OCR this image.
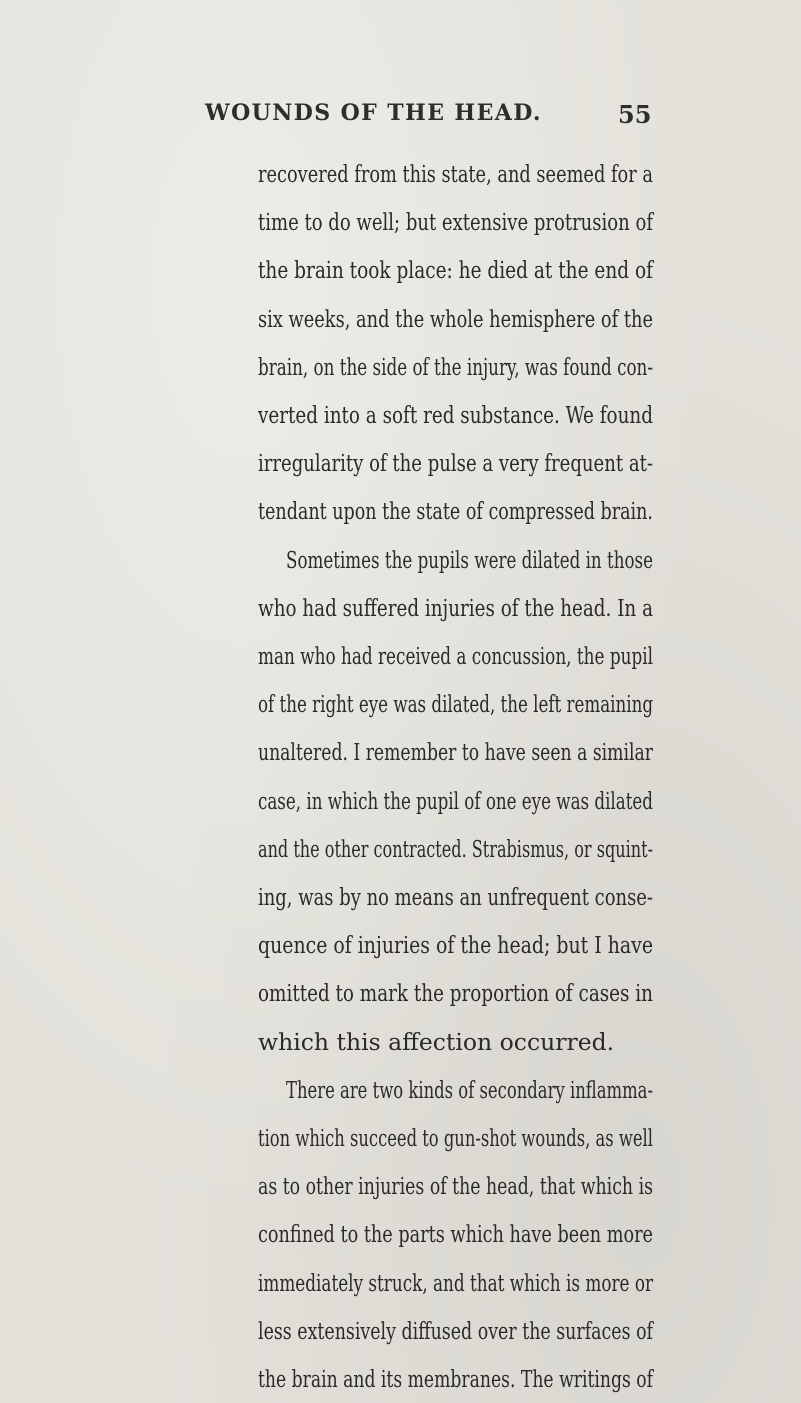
WOUNDS OF THE HEAD.	55
recovered from this state, and seemed for a
time to do well; but extensive protrusion of
the brain took place: he died at the end of
six weeks, and the whole hemisphere of the
brain, on the side of the injury, was found con-
verted into a soft red substance. We found
irregularity of the pulse a very frequent at-
tendant upon the state of compressed brain.
Sometimes the pupils were dilated in those
who had suffered injuries of the head. In a
man who had received a concussion, the pupil
of the right eye was dilated, the left remaining
unaltered. I remember to have seen a similar
case, in which the pupil of one eye was dilated
and the other contracted. Strabismus, or squint-
ing, was by no means an unfrequent conse-
quence of injuries of the head; but I have
omitted to mark the proportion of cases in
which this affection occurred.
There are two kinds of secondary inflamma-
tion which succeed to gun-shot wounds, as well
as to other injuries of the head, that which is
confined to the parts which have been more
immediately struck, and that which is more or
less extensively diffused over the surfaces of
the brain and its membranes. The writings of
